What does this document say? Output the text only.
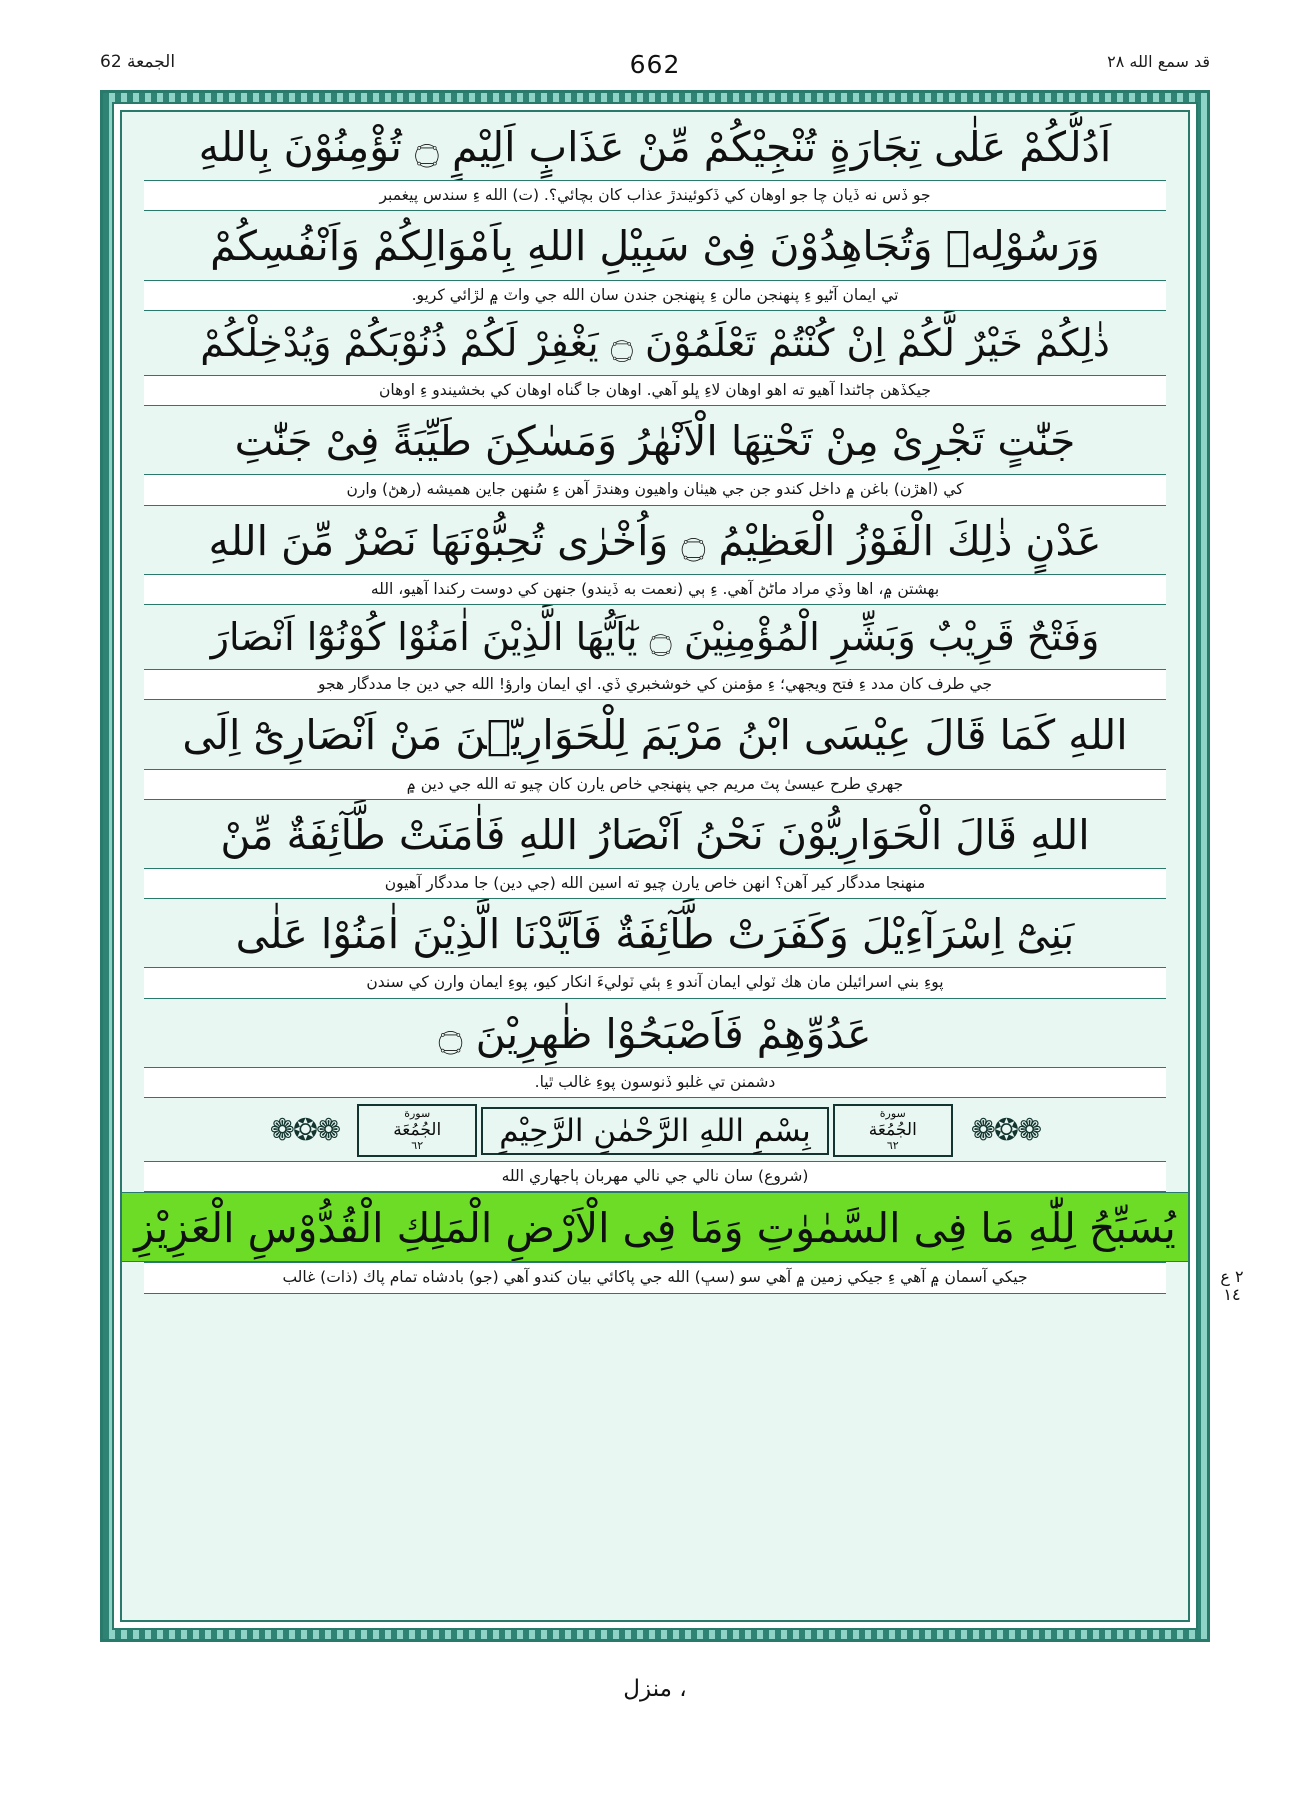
قد سمع الله ٢٨
662
الجمعة 62
اَدُلُّكُمْ عَلٰى تِجَارَةٍ تُنْجِيْكُمْ مِّنْ عَذَابٍ اَلِيْمٍ ۝ تُؤْمِنُوْنَ بِاللهِ
جو ڏس نه ڏيان چا جو اوهان كي ڏكوئيندڙ عذاب كان بچائي؟. (ت) الله ءِ سندس پيغمبر
وَرَسُوْلِهٖ وَتُجَاهِدُوْنَ فِىْ سَبِيْلِ اللهِ بِاَمْوَالِكُمْ وَاَنْفُسِكُمْ
تي ايمان آڻيو ءِ پنهنجن مالن ءِ پنهنجن جندن سان الله جي واٽ ۾ لڙائي كريو.
ذٰلِكُمْ خَيْرٌ لَّكُمْ اِنْ كُنْتُمْ تَعْلَمُوْنَ ۝ يَغْفِرْ لَكُمْ ذُنُوْبَكُمْ وَيُدْخِلْكُمْ
جيكڏهن ڄاڻندا آهيو ته اهو اوهان لاءِ ڀلو آهي. اوهان جا گناه اوهان كي بخشيندو ءِ اوهان
جَنّٰتٍ تَجْرِىْ مِنْ تَحْتِهَا الْاَنْهٰرُ وَمَسٰكِنَ طَيِّبَةً فِىْ جَنّٰتِ
كي (اهڙن) باغن ۾ داخل كندو جن جي هيٺان واهيون وهندڙ آهن ءِ سُنهن جاين هميشه (رهڻ) وارن
عَدْنٍ ذٰلِكَ الْفَوْزُ الْعَظِيْمُ ۝ وَاُخْرٰى تُحِبُّوْنَهَا نَصْرٌ مِّنَ اللهِ
بهشتن ۾، اها وڏي مراد ماڻڻ آهي. ءِ ٻي (نعمت به ڏيندو) جنهن كي دوست ركندا آهيو، الله
وَفَتْحٌ قَرِيْبٌ وَبَشِّرِ الْمُؤْمِنِيْنَ ۝ يٰٓاَيُّهَا الَّذِيْنَ اٰمَنُوْا كُوْنُوْٓا اَنْصَارَ
جي طرف كان مدد ءِ فتح ويجهي؛ ءِ مؤمنن كي خوشخبري ڏي. اي ايمان وارؤ! الله جي دين جا مددگار هجو
اللهِ كَمَا قَالَ عِيْسَى ابْنُ مَرْيَمَ لِلْحَوَارِيّٖنَ مَنْ اَنْصَارِىْٓ اِلَى
جهري طرح عيسىٰ پٽ مريم جي پنهنجي خاص يارن كان چيو ته الله جي دين ۾
اللهِ قَالَ الْحَوَارِيُّوْنَ نَحْنُ اَنْصَارُ اللهِ فَاٰمَنَتْ طَّآئِفَةٌ مِّنْ
منهنجا مددگار كير آهن؟ انهن خاص يارن چيو ته اسين الله (جي دين) جا مددگار آهيون
بَنِىْٓ اِسْرَآءِيْلَ وَكَفَرَتْ طَّآئِفَةٌ فَاَيَّدْنَا الَّذِيْنَ اٰمَنُوْا عَلٰى
پوءِ بني اسرائيلن مان هك ٽولي ايمان آندو ءِ ٻئي ٽوليءَ انكار كيو، پوءِ ايمان وارن كي سندن
عَدُوِّهِمْ فَاَصْبَحُوْا ظٰهِرِيْنَ ۝
دشمنن تي غلبو ڏنوسون پوءِ غالب ٿيا.
❁❂❁
سورة
الجُمُعَة
٦٢
بِسْمِ اللهِ الرَّحْمٰنِ الرَّحِيْمِ
سورة
الجُمُعَة
٦٢
❁❂❁
(شروع) سان نالي جي نالي مهربان ٻاجهاري الله
يُسَبِّحُ لِلّٰهِ مَا فِى السَّمٰوٰتِ وَمَا فِى الْاَرْضِ الْمَلِكِ الْقُدُّوْسِ الْعَزِيْزِ
جيكي آسمان ۾ آهي ءِ جيكي زمين ۾ آهي سو (سڀ) الله جي پاكائي بيان كندو آهي (جو) بادشاه تمام پاك (ذات) غالب	٢ ع ١٤
منزل ،
